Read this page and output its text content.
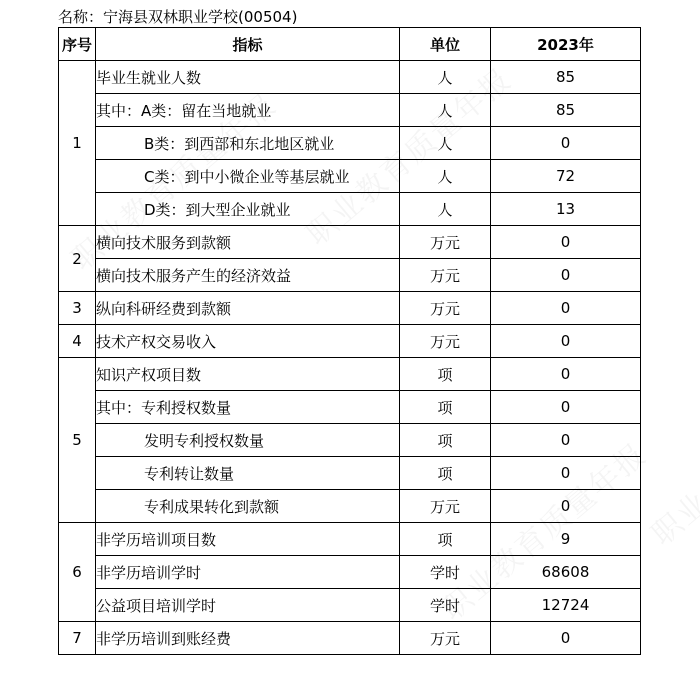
名称：宁海县双林职业学校(00504)
序号	指标	单位	2023年
1	毕业生就业人数	人	85
	其中：A类：留在当地就业	人	85
	B类：到西部和东北地区就业	人	0
	C类：到中小微企业等基层就业	人	72
	D类：到大型企业就业	人	13
2	横向技术服务到款额	万元	0
	横向技术服务产生的经济效益	万元	0
3	纵向科研经费到款额	万元	0
4	技术产权交易收入	万元	0
5	知识产权项目数	项	0
	其中：专利授权数量	项	0
	发明专利授权数量	项	0
	专利转让数量	项	0
	专利成果转化到款额	万元	0
6	非学历培训项目数	项	9
	非学历培训学时	学时	68608
	公益项目培训学时	学时	12724
7	非学历培训到账经费	万元	0
